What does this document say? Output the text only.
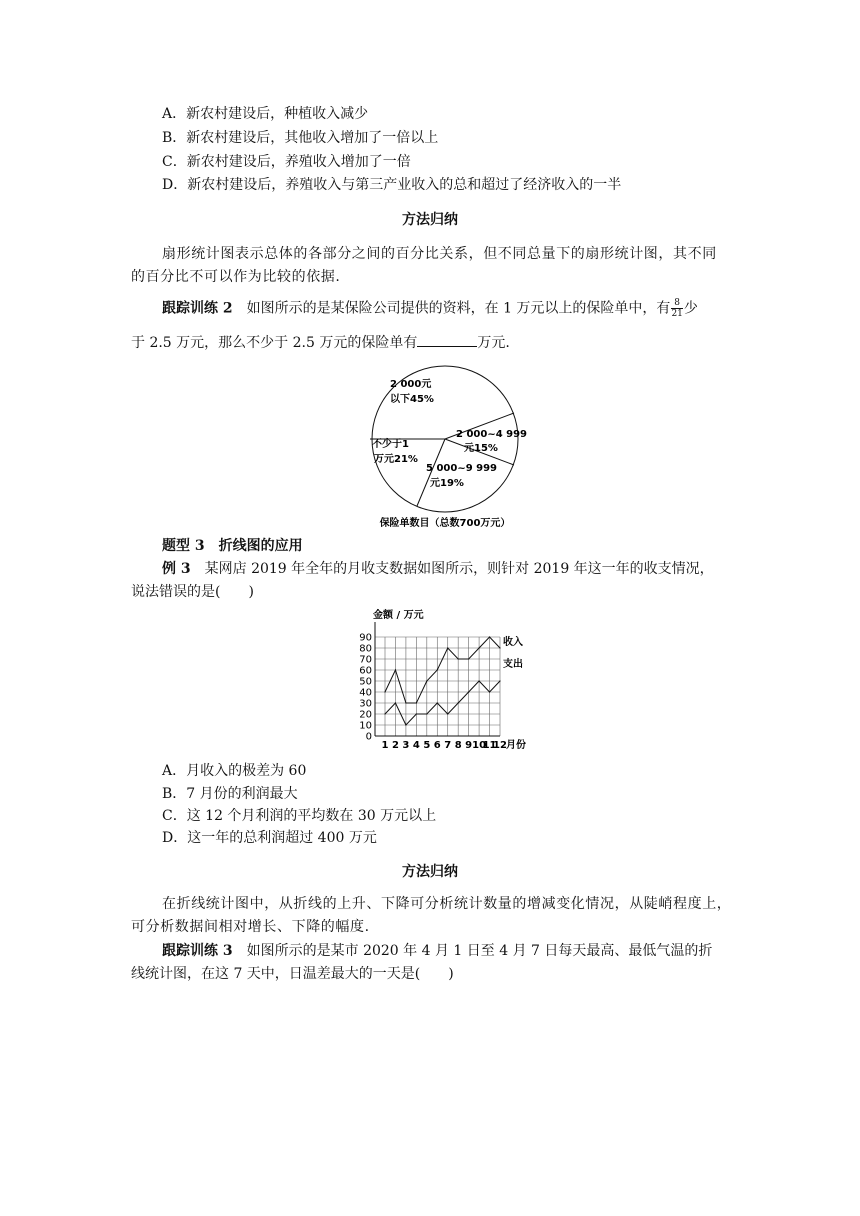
A．新农村建设后，种植收入减少
B．新农村建设后，其他收入增加了一倍以上
C．新农村建设后，养殖收入增加了一倍
D．新农村建设后，养殖收入与第三产业收入的总和超过了经济收入的一半
方法归纳
扇形统计图表示总体的各部分之间的百分比关系，但不同总量下的扇形统计图，其不同
的百分比不可以作为比较的依据.
跟踪训练 2　 如图所示的是某保险公司提供的资料，在 1 万元以上的保险单中，有 $\frac{8}{21}$ 少
于 2.5 万元，那么不少于 2.5 万元的保险单有	万元.
2 000元
以下45%
2 000~4 999
元15%
5 000~9 999
元19%
不少于1
万元21%
保险单数目（总数700万元）
题型 3　折线图的应用
例 3　 某网店 2019 年全年的月收支数据如图所示，则针对 2019 年这一年的收支情况，
说法错误的是(　　)
金额 / 万元
0
10
20
30
40
50
60
70
80
90
1 2 3 4 5 6 7 8 9 10
11
12 月份
收入
支出
A．月收入的极差为 60
B．7 月份的利润最大
C．这 12 个月利润的平均数在 30 万元以上
D．这一年的总利润超过 400 万元
方法归纳
在折线统计图中，从折线的上升、下降可分析统计数量的增减变化情况，从陡峭程度上，
可分析数据间相对增长、下降的幅度.
跟踪训练 3　 如图所示的是某市 2020 年 4 月 1 日至 4 月 7 日每天最高、最低气温的折
线统计图，在这 7 天中，日温差最大的一天是(　　)
